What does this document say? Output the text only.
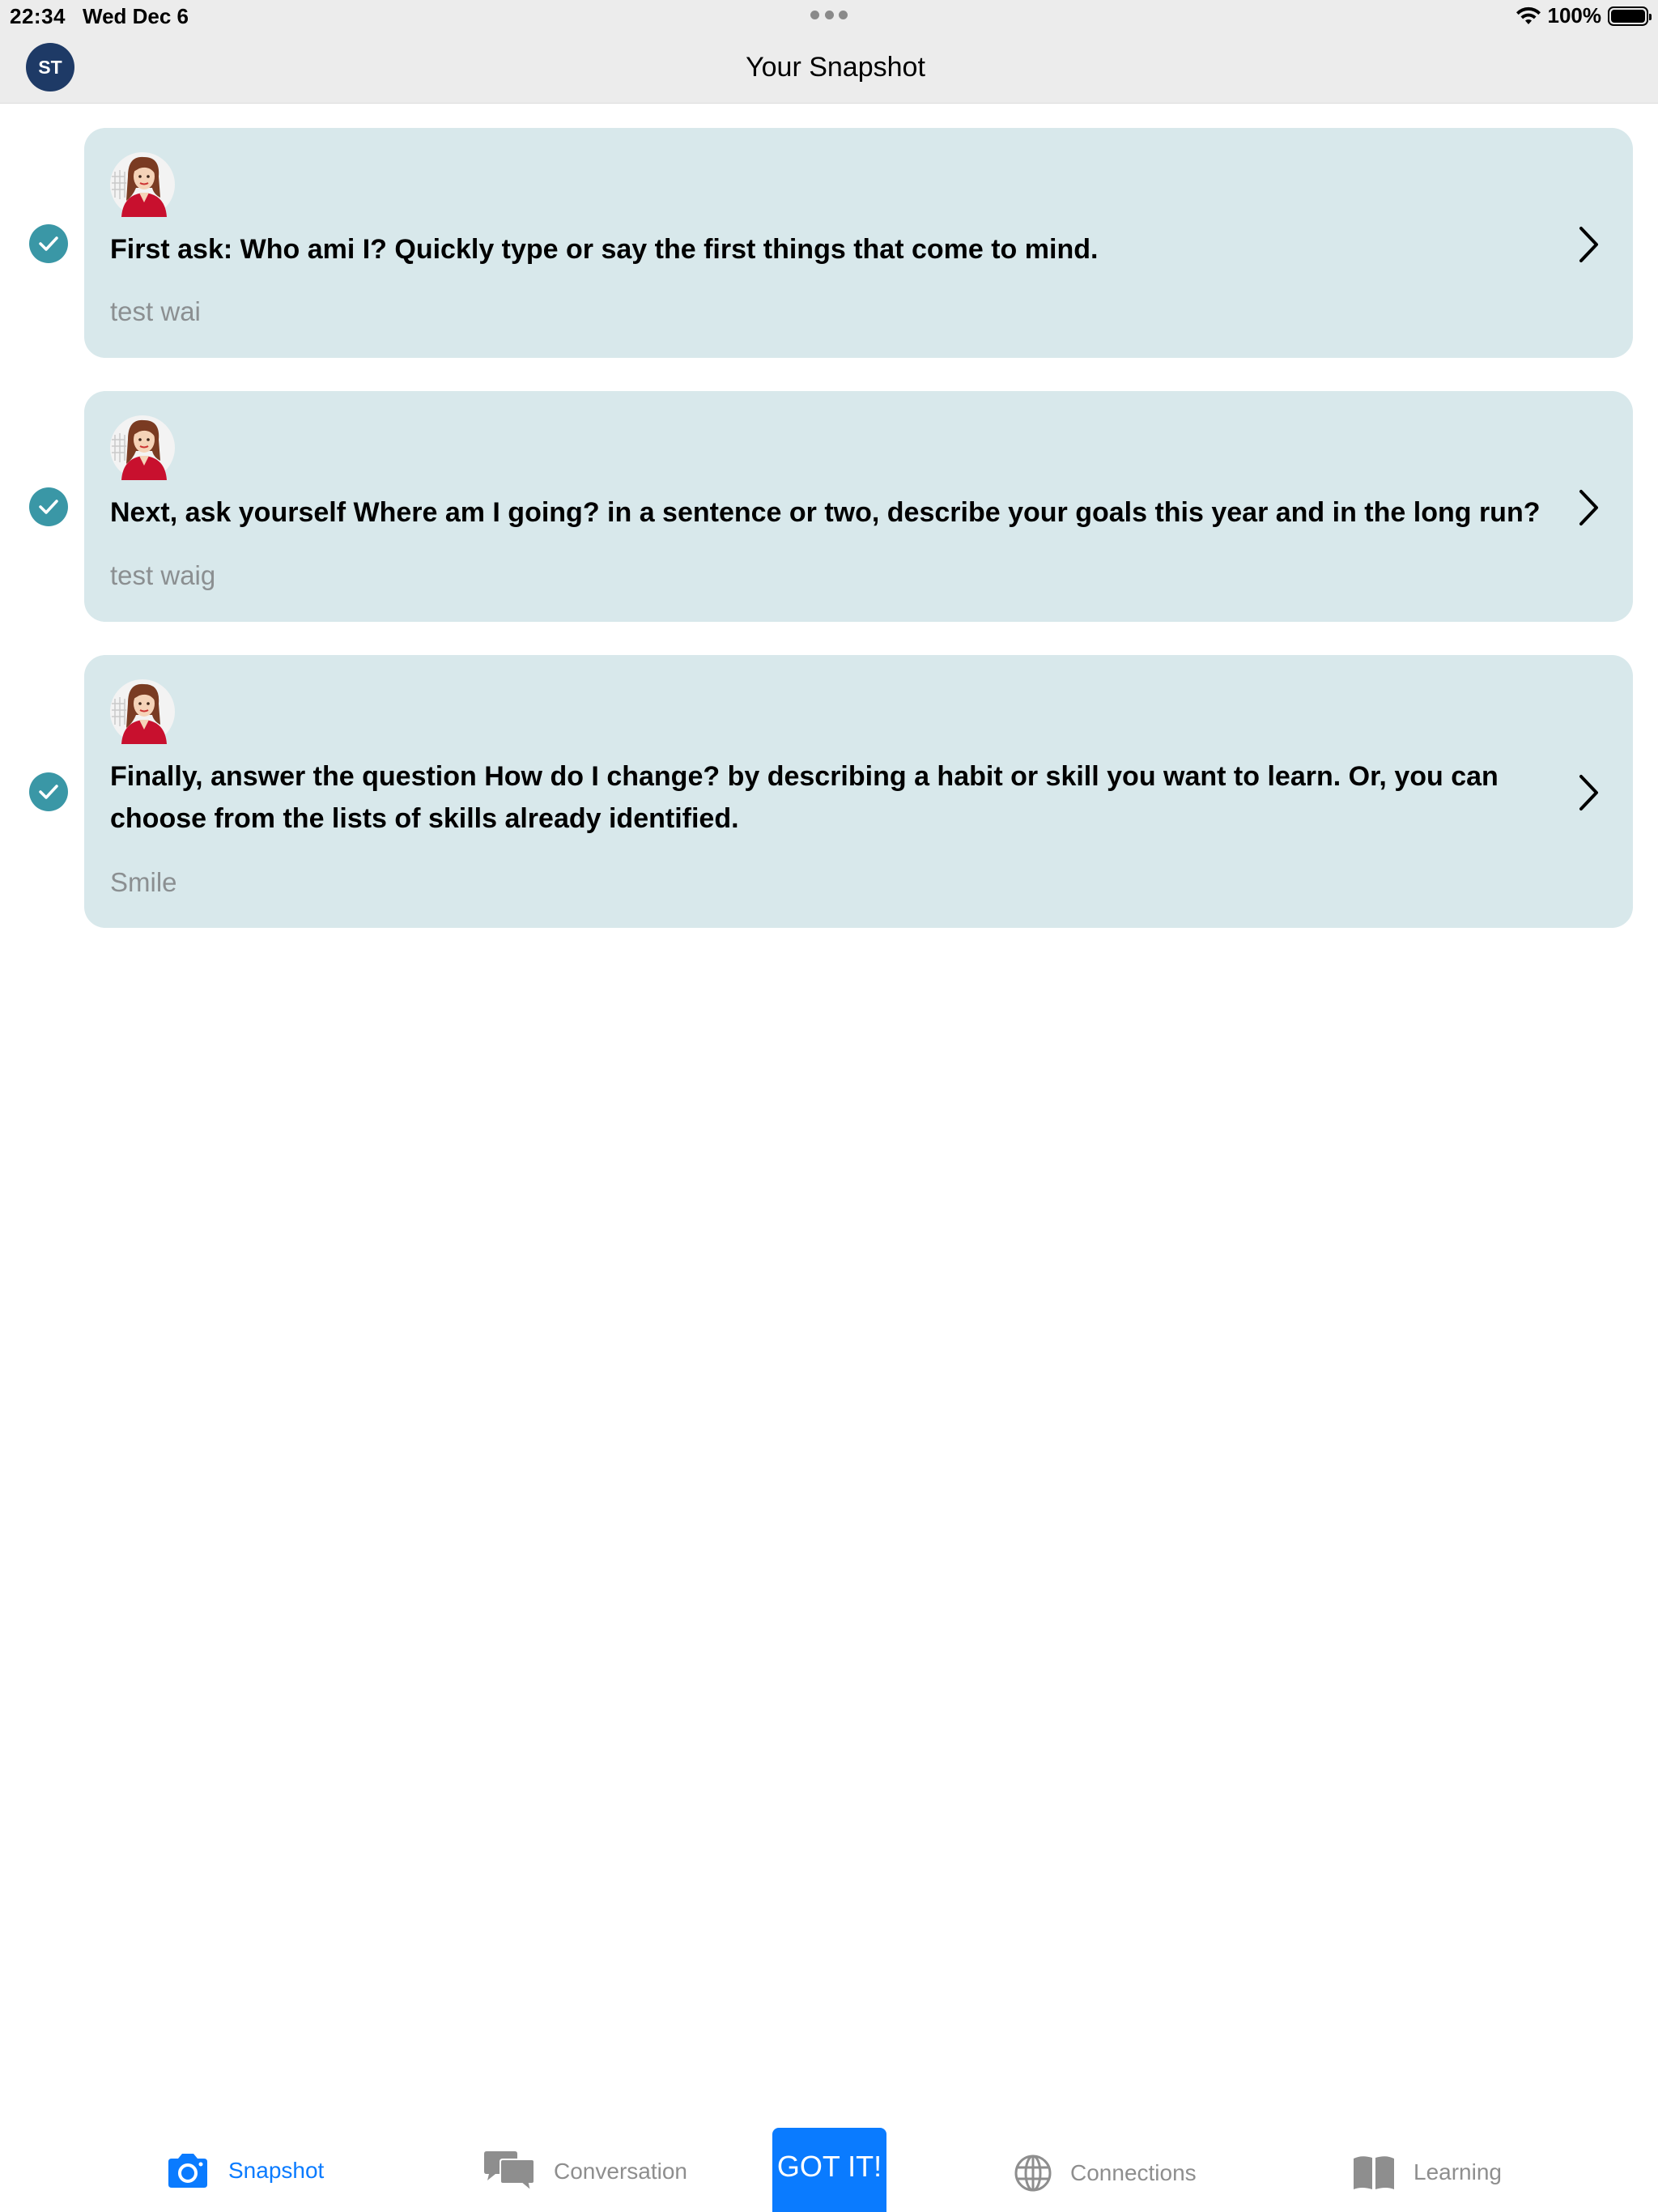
22:34 Wed Dec 6	100%
ST	Your Snapshot
First ask: Who ami I? Quickly type or say the first things that come to mind.
test wai
Next, ask yourself Where am I going? in a sentence or two, describe your goals this year and in the long run?
test waig
Finally, answer the question How do I change? by describing a habit or skill you want to learn. Or, you can choose from the lists of skills already identified.
Smile
Snapshot	Conversation	GOT IT!	Connections	Learning
